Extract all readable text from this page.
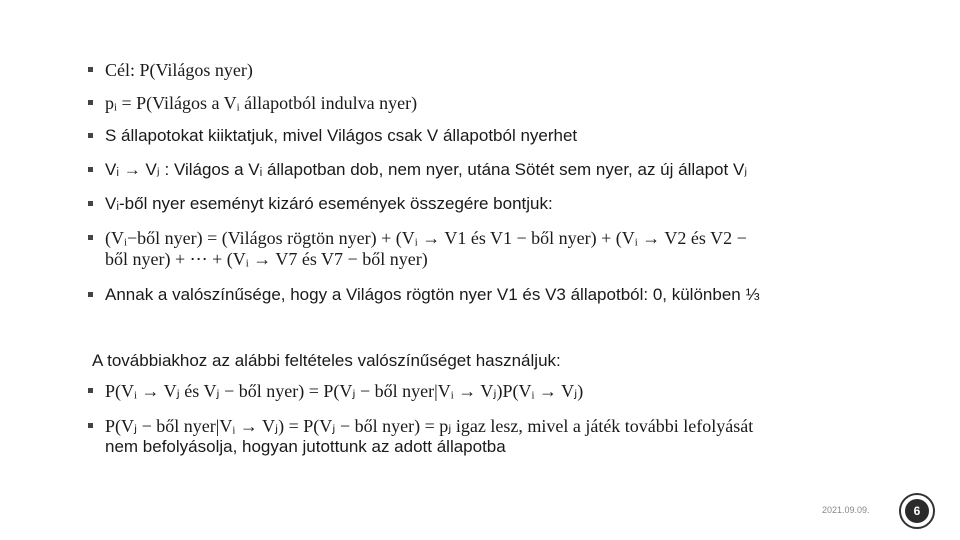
Cél: P(Világos nyer)
pᵢ = P(Világos a Vᵢ állapotból indulva nyer)
S állapotokat kiiktatjuk, mivel Világos csak V állapotból nyerhet
Vᵢ → Vⱼ : Világos a Vᵢ állapotban dob, nem nyer, utána Sötét sem nyer, az új állapot Vⱼ
Vᵢ-ből nyer eseményt kizáró események összegére bontjuk:
(Vᵢ−ből nyer) = (Világos rögtön nyer) + (Vᵢ → V1 és V1 − ből nyer) + (Vᵢ → V2 és V2 −
ből nyer) + ⋯ + (Vᵢ → V7 és V7 − ből nyer)
Annak a valószínűsége, hogy a Világos rögtön nyer V1 és V3 állapotból: 0, különben ⅓
A továbbiakhoz az alábbi feltételes valószínűséget használjuk:
P(Vᵢ → Vⱼ és Vⱼ − ből nyer) = P(Vⱼ − ből nyer|Vᵢ → Vⱼ)P(Vᵢ → Vⱼ)
P(Vⱼ − ből nyer|Vᵢ → Vⱼ) = P(Vⱼ − ből nyer) = pⱼ igaz lesz, mivel a játék további lefolyását
nem befolyásolja, hogyan jutottunk az adott állapotba
2021.09.09.	6
